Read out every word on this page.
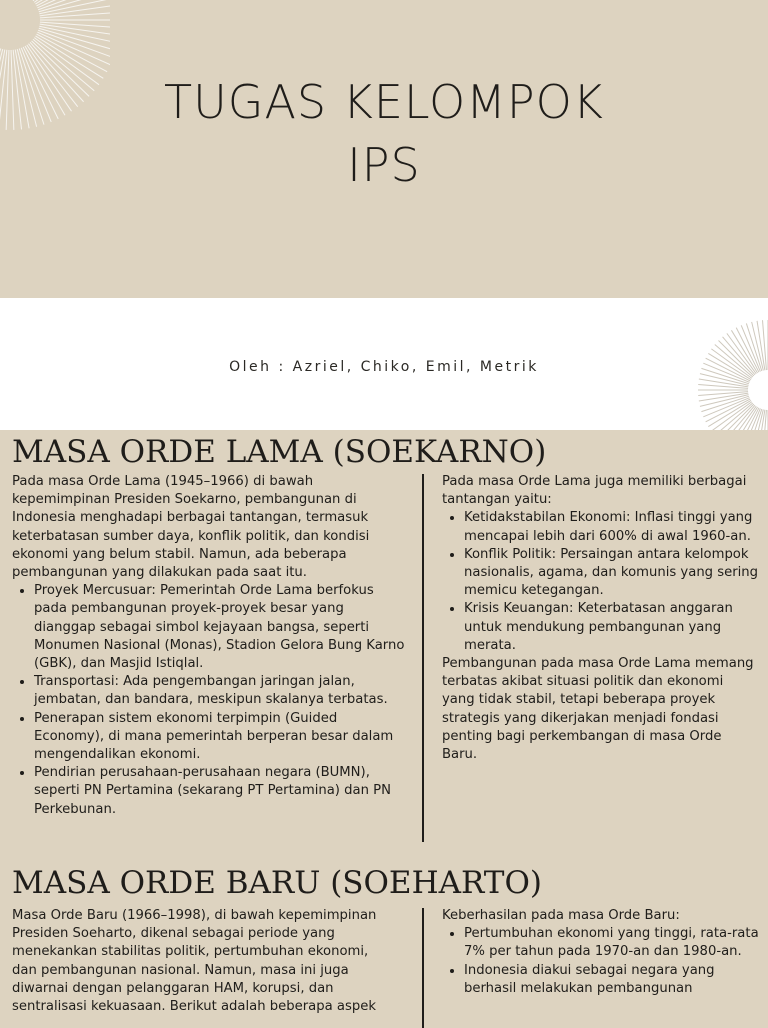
TUGAS KELOMPOK
IPS
Oleh : Azriel, Chiko, Emil, Metrik
MASA ORDE LAMA (SOEKARNO)

Pada masa Orde Lama (1945–1966) di bawah kepemimpinan Presiden Soekarno, pembangunan di Indonesia menghadapi berbagai tantangan, termasuk keterbatasan sumber daya, konflik politik, dan kondisi ekonomi yang belum stabil. Namun, ada beberapa pembangunan yang dilakukan pada saat itu.

• Proyek Mercusuar: Pemerintah Orde Lama berfokus pada pembangunan proyek-proyek besar yang dianggap sebagai simbol kejayaan bangsa, seperti Monumen Nasional (Monas), Stadion Gelora Bung Karno (GBK), dan Masjid Istiqlal.
• Transportasi: Ada pengembangan jaringan jalan, jembatan, dan bandara, meskipun skalanya terbatas.
• Penerapan sistem ekonomi terpimpin (Guided Economy), di mana pemerintah berperan besar dalam mengendalikan ekonomi.
• Pendirian perusahaan-perusahaan negara (BUMN), seperti PN Pertamina (sekarang PT Pertamina) dan PN Perkebunan.

Pada masa Orde Lama juga memiliki berbagai tantangan yaitu:

• Ketidakstabilan Ekonomi: Inflasi tinggi yang mencapai lebih dari 600% di awal 1960-an.
• Konflik Politik: Persaingan antara kelompok nasionalis, agama, dan komunis yang sering memicu ketegangan.
• Krisis Keuangan: Keterbatasan anggaran untuk mendukung pembangunan yang merata.

Pembangunan pada masa Orde Lama memang terbatas akibat situasi politik dan ekonomi yang tidak stabil, tetapi beberapa proyek strategis yang dikerjakan menjadi fondasi penting bagi perkembangan di masa Orde Baru.

MASA ORDE BARU (SOEHARTO)

Masa Orde Baru (1966–1998), di bawah kepemimpinan Presiden Soeharto, dikenal sebagai periode yang menekankan stabilitas politik, pertumbuhan ekonomi, dan pembangunan nasional. Namun, masa ini juga diwarnai dengan pelanggaran HAM, korupsi, dan sentralisasi kekuasaan. Berikut adalah beberapa aspek

Keberhasilan pada masa Orde Baru:

• Pertumbuhan ekonomi yang tinggi, rata-rata 7% per tahun pada 1970-an dan 1980-an.
• Indonesia diakui sebagai negara yang berhasil melakukan pembangunan
